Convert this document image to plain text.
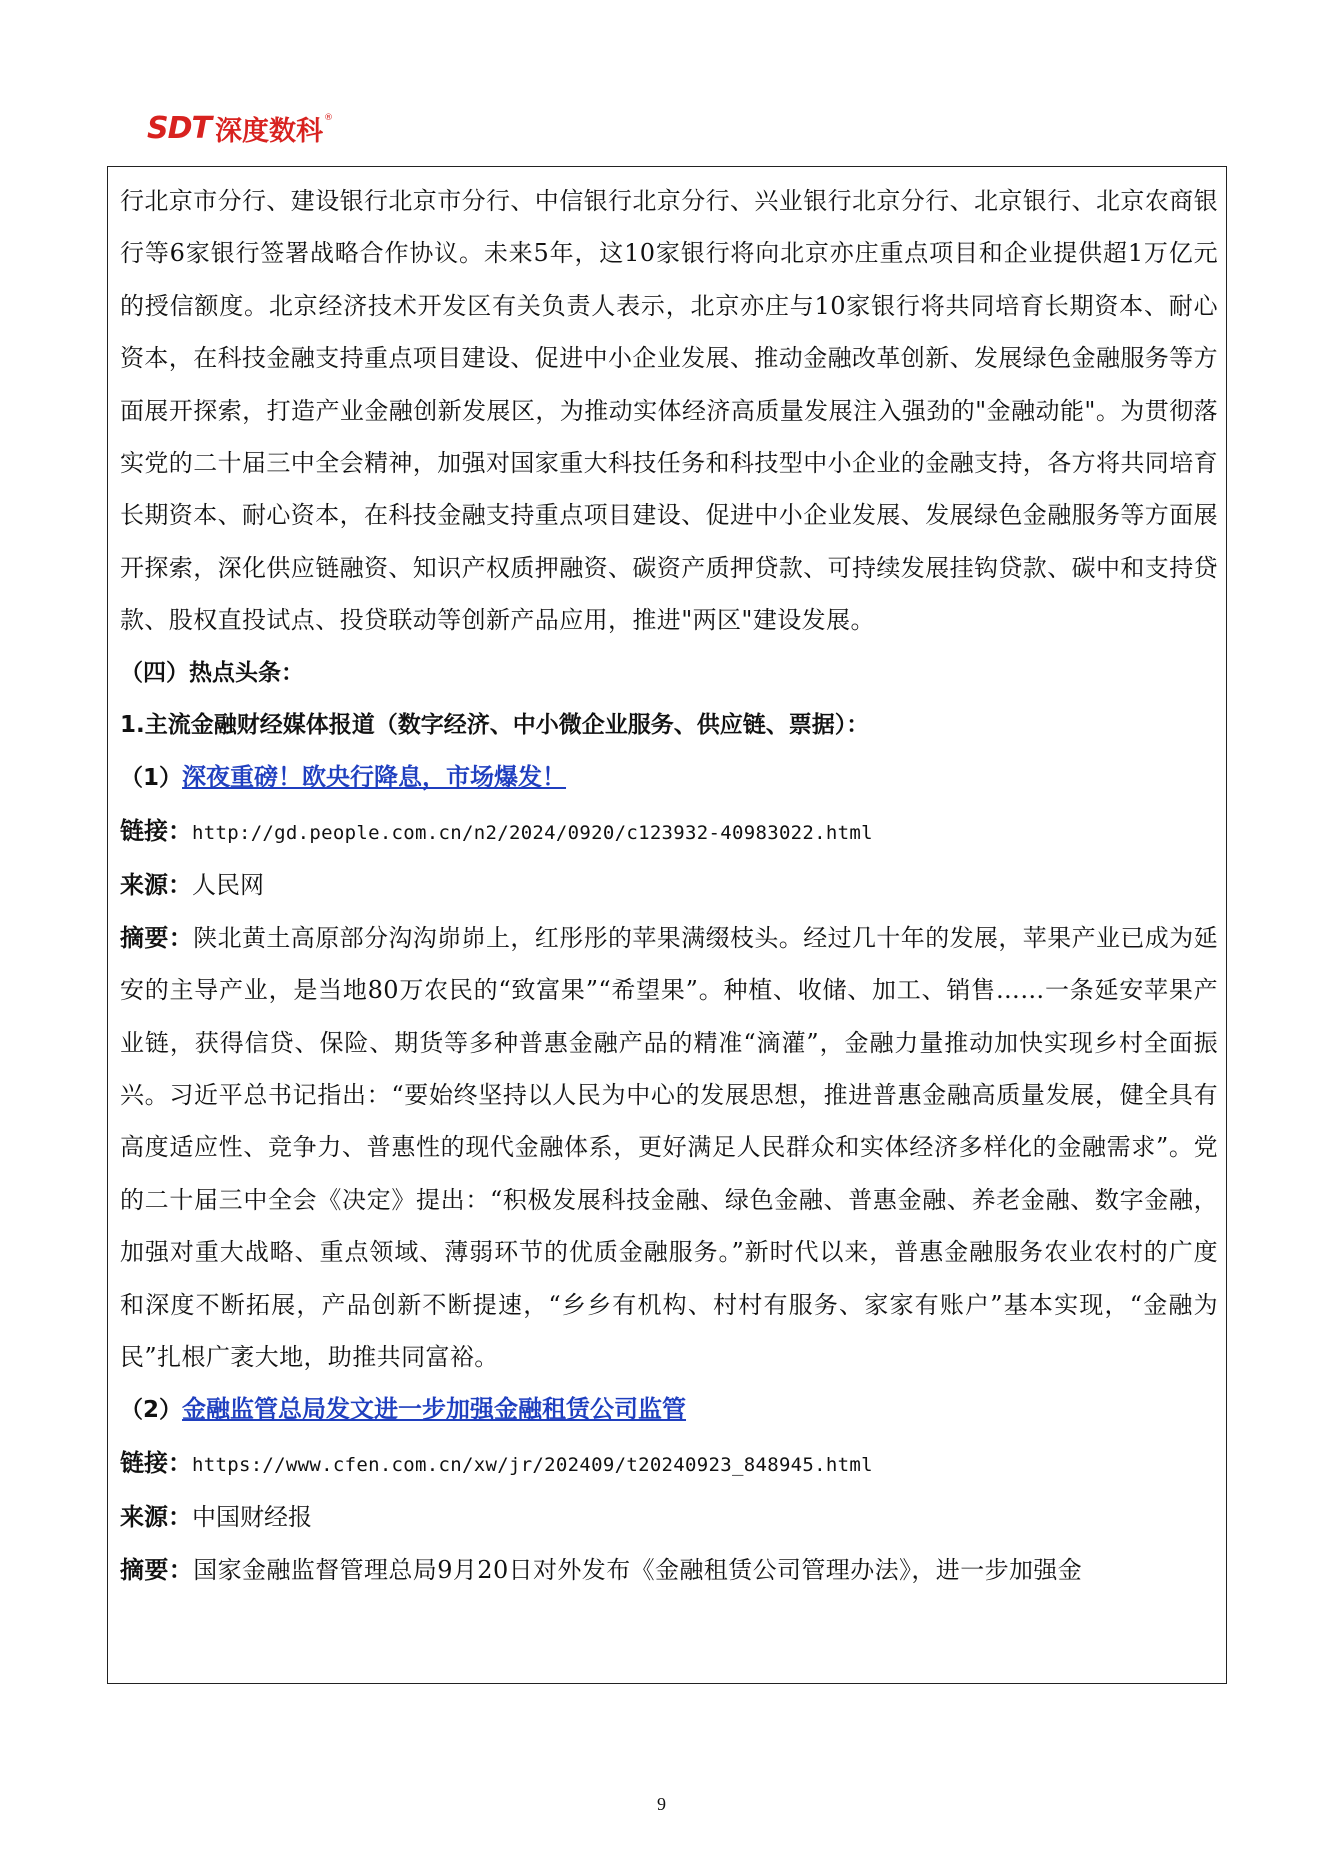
SDT 深度数科 ®

行北京市分行、建设银行北京市分行、中信银行北京分行、兴业银行北京分行、北京银行、北京农商银行等6家银行签署战略合作协议。未来5年，这10家银行将向北京亦庄重点项目和企业提供超1万亿元的授信额度。北京经济技术开发区有关负责人表示，北京亦庄与10家银行将共同培育长期资本、耐心资本，在科技金融支持重点项目建设、促进中小企业发展、推动金融改革创新、发展绿色金融服务等方面展开探索，打造产业金融创新发展区，为推动实体经济高质量发展注入强劲的"金融动能"。为贯彻落实党的二十届三中全会精神，加强对国家重大科技任务和科技型中小企业的金融支持，各方将共同培育长期资本、耐心资本，在科技金融支持重点项目建设、促进中小企业发展、发展绿色金融服务等方面展开探索，深化供应链融资、知识产权质押融资、碳资产质押贷款、可持续发展挂钩贷款、碳中和支持贷款、股权直投试点、投贷联动等创新产品应用，推进"两区"建设发展。

（四）热点头条：

1.主流金融财经媒体报道（数字经济、中小微企业服务、供应链、票据）：

（1）深夜重磅！欧央行降息，市场爆发！

链接：http://gd.people.com.cn/n2/2024/0920/c123932-40983022.html

来源：人民网

摘要：陕北黄土高原部分沟沟峁峁上，红彤彤的苹果满缀枝头。经过几十年的发展，苹果产业已成为延安的主导产业，是当地80万农民的“致富果”“希望果”。种植、收储、加工、销售……一条延安苹果产业链，获得信贷、保险、期货等多种普惠金融产品的精准“滴灌”，金融力量推动加快实现乡村全面振兴。习近平总书记指出：“要始终坚持以人民为中心的发展思想，推进普惠金融高质量发展，健全具有高度适应性、竞争力、普惠性的现代金融体系，更好满足人民群众和实体经济多样化的金融需求”。党的二十届三中全会《决定》提出：“积极发展科技金融、绿色金融、普惠金融、养老金融、数字金融，加强对重大战略、重点领域、薄弱环节的优质金融服务。”新时代以来，普惠金融服务农业农村的广度和深度不断拓展，产品创新不断提速，“乡乡有机构、村村有服务、家家有账户”基本实现，“金融为民”扎根广袤大地，助推共同富裕。

（2）金融监管总局发文进一步加强金融租赁公司监管

链接：https://www.cfen.com.cn/xw/jr/202409/t20240923_848945.html

来源：中国财经报

摘要：国家金融监督管理总局9月20日对外发布《金融租赁公司管理办法》，进一步加强金

9
